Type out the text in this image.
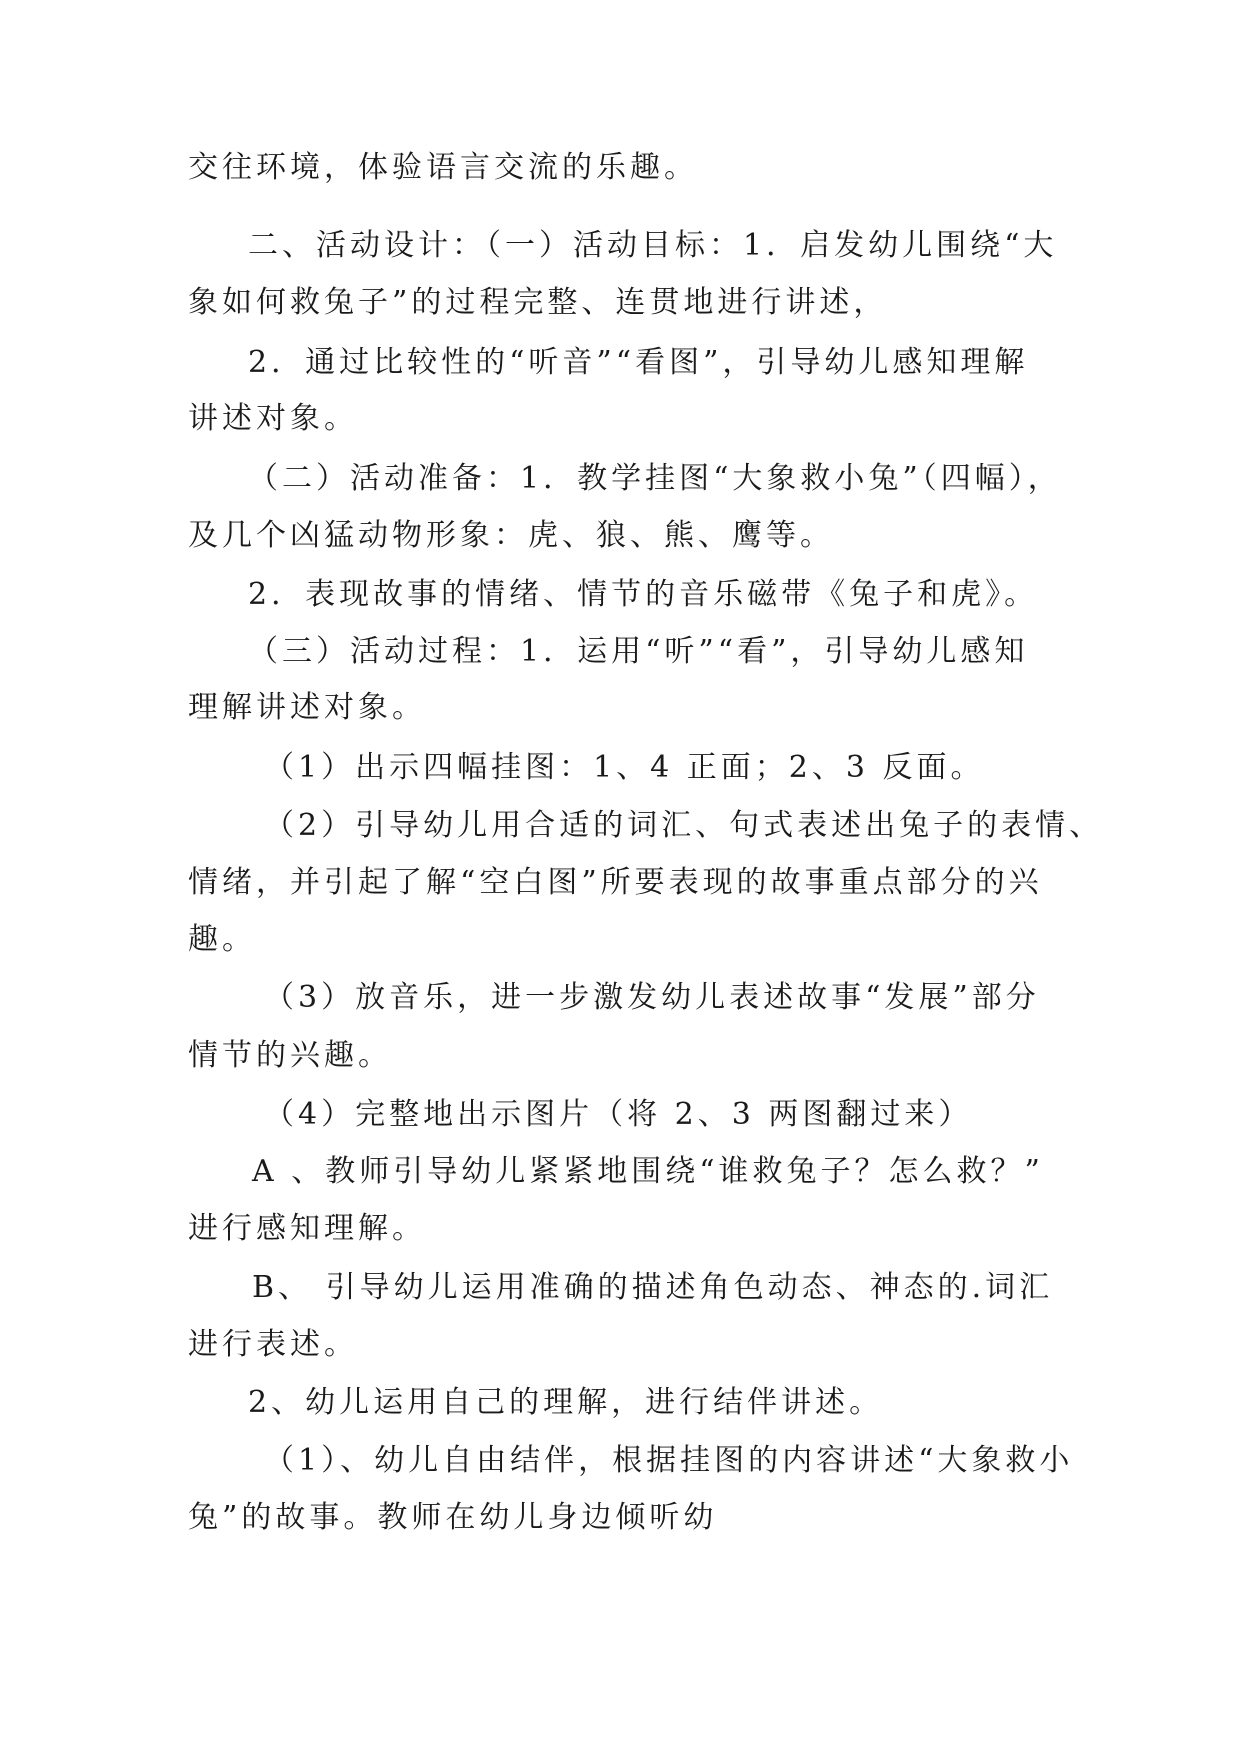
交往环境，体验语言交流的乐趣。

二、活动设计：（一）活动目标：1．启发幼儿围绕“大

象如何救兔子”的过程完整、连贯地进行讲述，

2．通过比较性的“听音”“看图”，引导幼儿感知理解

讲述对象。

（二）活动准备：1．教学挂图“大象救小兔”（四幅），

及几个凶猛动物形象：虎、狼、熊、鹰等。

2．表现故事的情绪、情节的音乐磁带《兔子和虎》。

（三）活动过程：1．运用“听”“看”，引导幼儿感知

理解讲述对象。

（1）出示四幅挂图：1、4 正面；2、3 反面。

（2）引导幼儿用合适的词汇、句式表述出兔子的表情、

情绪，并引起了解“空白图”所要表现的故事重点部分的兴

趣。

（3）放音乐，进一步激发幼儿表述故事“发展”部分

情节的兴趣。

（4）完整地出示图片（将 2、3 两图翻过来）

A 、教师引导幼儿紧紧地围绕“谁救兔子？怎么救？”

进行感知理解。

B、 引导幼儿运用准确的描述角色动态、神态的.词汇

进行表述。

2、幼儿运用自己的理解，进行结伴讲述。

（1）、幼儿自由结伴，根据挂图的内容讲述“大象救小

兔”的故事。教师在幼儿身边倾听幼
